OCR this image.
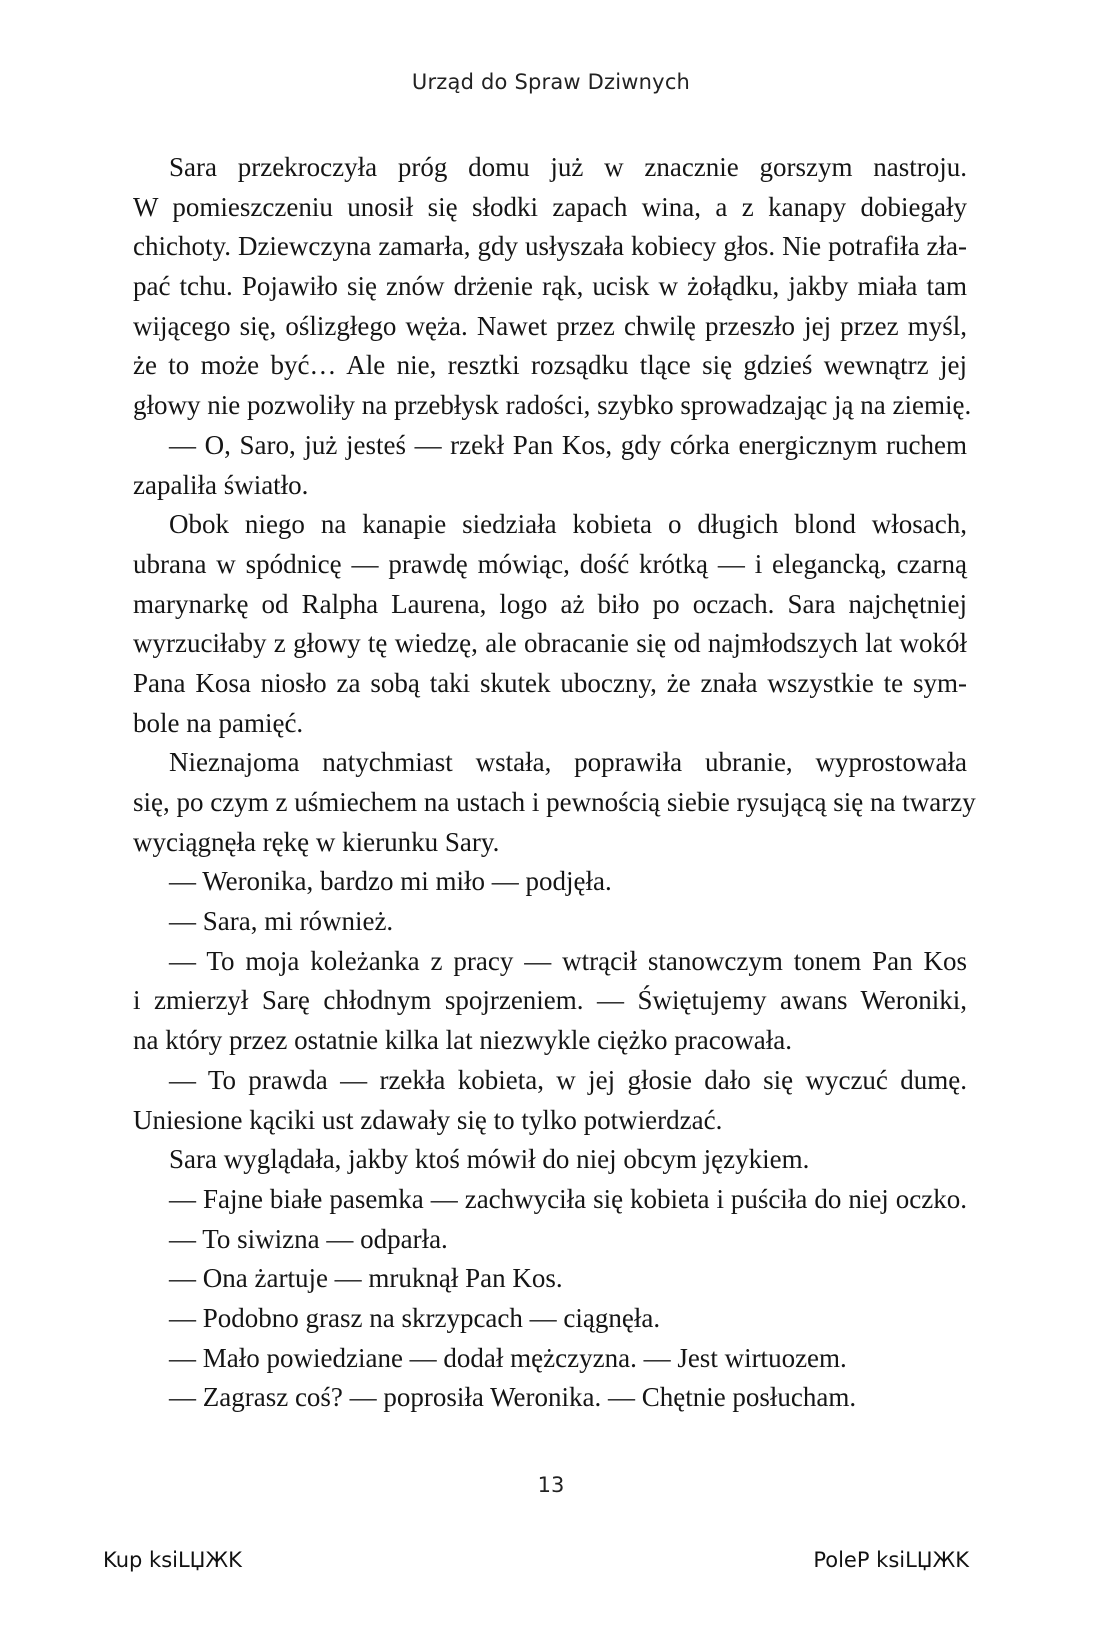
Urząd do Spraw Dziwnych
Sara przekroczyła próg domu już w znacznie gorszym nastroju.
W pomieszczeniu unosił się słodki zapach wina, a z kanapy dobiegały
chichoty. Dziewczyna zamarła, gdy usłyszała kobiecy głos. Nie potrafiła zła-
pać tchu. Pojawiło się znów drżenie rąk, ucisk w żołądku, jakby miała tam
wijącego się, oślizgłego węża. Nawet przez chwilę przeszło jej przez myśl,
że to może być… Ale nie, resztki rozsądku tlące się gdzieś wewnątrz jej
głowy nie pozwoliły na przebłysk radości, szybko sprowadzając ją na ziemię.
— O, Saro, już jesteś — rzekł Pan Kos, gdy córka energicznym ruchem
zapaliła światło.
Obok niego na kanapie siedziała kobieta o długich blond włosach,
ubrana w spódnicę — prawdę mówiąc, dość krótką — i elegancką, czarną
marynarkę od Ralpha Laurena, logo aż biło po oczach. Sara najchętniej
wyrzuciłaby z głowy tę wiedzę, ale obracanie się od najmłodszych lat wokół
Pana Kosa niosło za sobą taki skutek uboczny, że znała wszystkie te sym-
bole na pamięć.
Nieznajoma natychmiast wstała, poprawiła ubranie, wyprostowała
się, po czym z uśmiechem na ustach i pewnością siebie rysującą się na twarzy
wyciągnęła rękę w kierunku Sary.
— Weronika, bardzo mi miło — podjęła.
— Sara, mi również.
— To moja koleżanka z pracy — wtrącił stanowczym tonem Pan Kos
i zmierzył Sarę chłodnym spojrzeniem. — Świętujemy awans Weroniki,
na który przez ostatnie kilka lat niezwykle ciężko pracowała.
— To prawda — rzekła kobieta, w jej głosie dało się wyczuć dumę.
Uniesione kąciki ust zdawały się to tylko potwierdzać.
Sara wyglądała, jakby ktoś mówił do niej obcym językiem.
— Fajne białe pasemka — zachwyciła się kobieta i puściła do niej oczko.
— To siwizna — odparła.
— Ona żartuje — mruknął Pan Kos.
— Podobno grasz na skrzypcach — ciągnęła.
— Mało powiedziane — dodał mężczyzna. — Jest wirtuozem.
— Zagrasz coś? — poprosiła Weronika. — Chętnie posłucham.
13
Kup ksiLЏЖK	PoleP ksiLЏЖK
